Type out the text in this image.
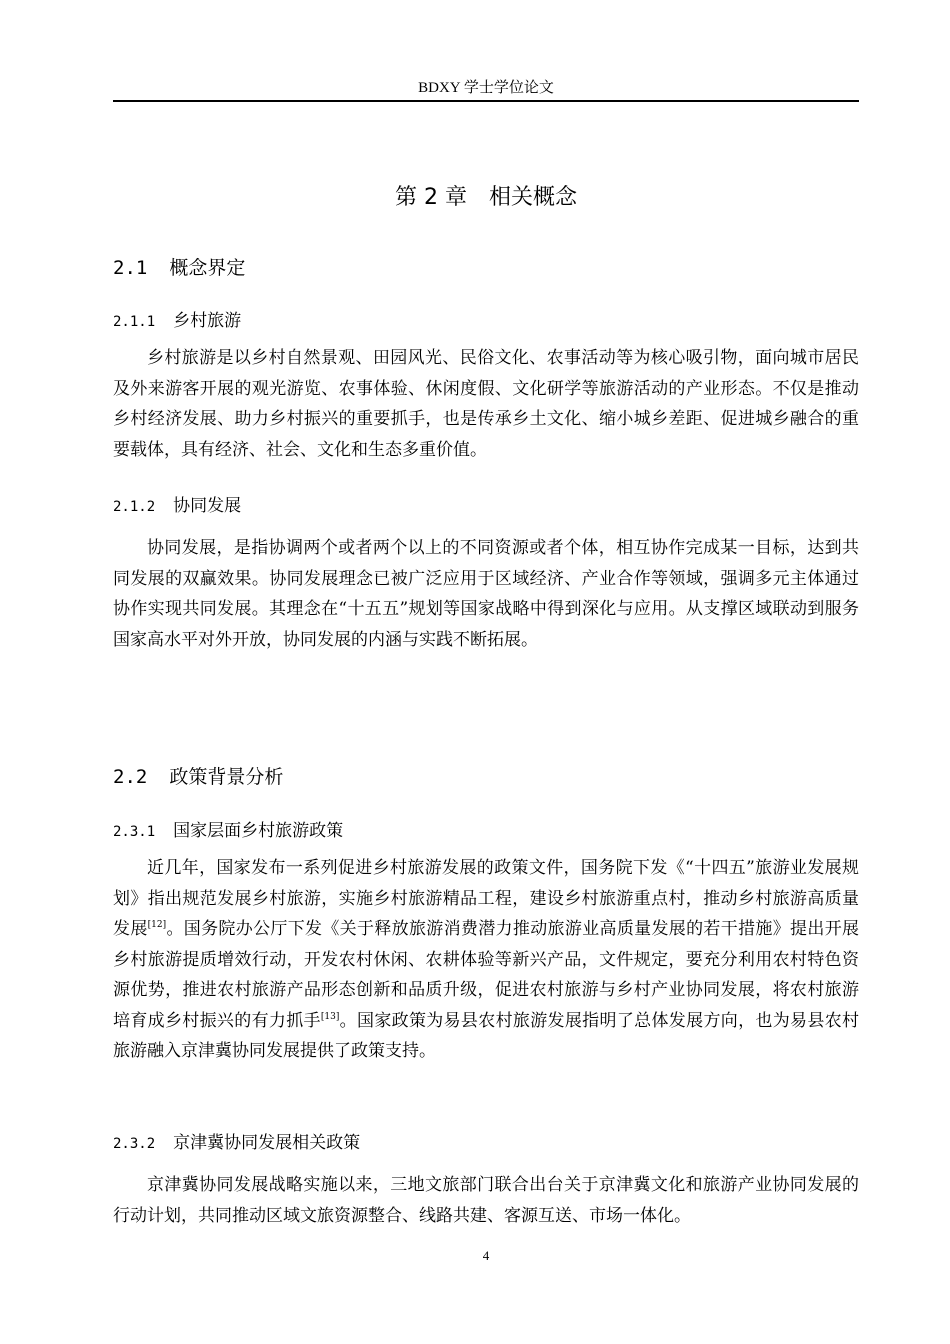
BDXY 学士学位论文
第 2 章　相关概念
2.1 概念界定
2.1.1 乡村旅游

乡村旅游是以乡村自然景观、田园风光、民俗文化、农事活动等为核心吸引物，面向城市居民及外来游客开展的观光游览、农事体验、休闲度假、文化研学等旅游活动的产业形态。不仅是推动乡村经济发展、助力乡村振兴的重要抓手，也是传承乡土文化、缩小城乡差距、促进城乡融合的重要载体，具有经济、社会、文化和生态多重价值。

2.1.2 协同发展

协同发展，是指协调两个或者两个以上的不同资源或者个体，相互协作完成某一目标，达到共同发展的双赢效果。协同发展理念已被广泛应用于区域经济、产业合作等领域，强调多元主体通过协作实现共同发展。其理念在“十五五”规划等国家战略中得到深化与应用。从支撑区域联动到服务国家高水平对外开放，协同发展的内涵与实践不断拓展。

2.2 政策背景分析
2.3.1 国家层面乡村旅游政策

近几年，国家发布一系列促进乡村旅游发展的政策文件，国务院下发《“十四五”旅游业发展规划》指出规范发展乡村旅游，实施乡村旅游精品工程，建设乡村旅游重点村，推动乡村旅游高质量发展[12]。国务院办公厅下发《关于释放旅游消费潜力推动旅游业高质量发展的若干措施》提出开展乡村旅游提质增效行动，开发农村休闲、农耕体验等新兴产品，文件规定，要充分利用农村特色资源优势，推进农村旅游产品形态创新和品质升级，促进农村旅游与乡村产业协同发展，将农村旅游培育成乡村振兴的有力抓手[13]。国家政策为易县农村旅游发展指明了总体发展方向，也为易县农村旅游融入京津冀协同发展提供了政策支持。

2.3.2 京津冀协同发展相关政策

京津冀协同发展战略实施以来，三地文旅部门联合出台关于京津冀文化和旅游产业协同发展的行动计划，共同推动区域文旅资源整合、线路共建、客源互送、市场一体化。

4
